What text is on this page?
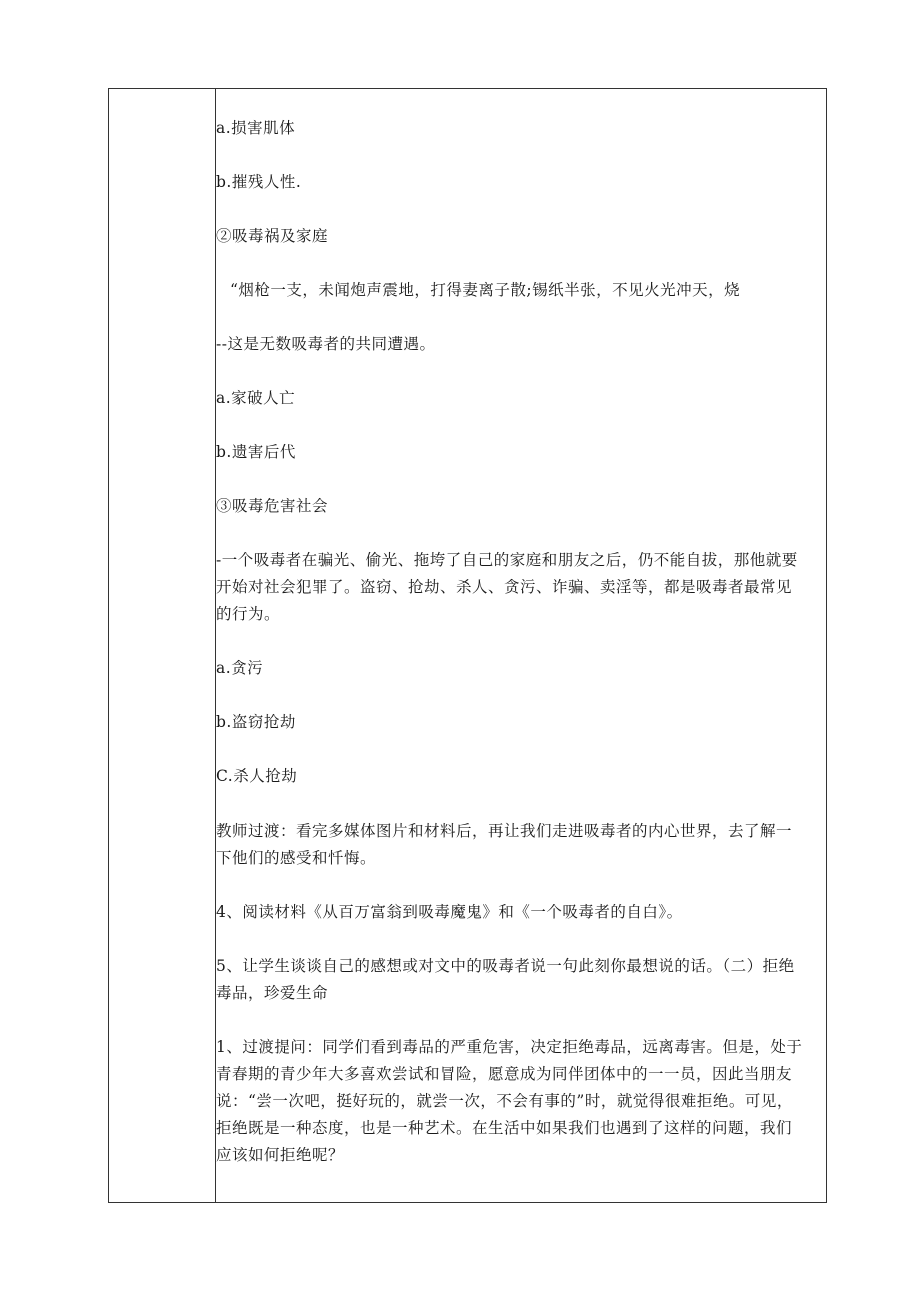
a.损害肌体

b.摧残人性.

②吸毒祸及家庭

“烟枪一支，未闻炮声震地，打得妻离子散;锡纸半张，不见火光冲天，烧

--这是无数吸毒者的共同遭遇。

a.家破人亡

b.遗害后代

③吸毒危害社会

-一个吸毒者在骗光、偷光、拖垮了自己的家庭和朋友之后，仍不能自拔，那他就要开始对社会犯罪了。盗窃、抢劫、杀人、贪污、诈骗、卖淫等，都是吸毒者最常见的行为。

a.贪污

b.盗窃抢劫

C.杀人抢劫

教师过渡：看完多媒体图片和材料后，再让我们走进吸毒者的内心世界，去了解一下他们的感受和忏悔。

4、阅读材料《从百万富翁到吸毒魔鬼》和《一个吸毒者的自白》。

5、让学生谈谈自己的感想或对文中的吸毒者说一句此刻你最想说的话。（二）拒绝毒品，珍爱生命

1、过渡提问：同学们看到毒品的严重危害，决定拒绝毒品，远离毒害。但是，处于青春期的青少年大多喜欢尝试和冒险，愿意成为同伴团体中的一一员，因此当朋友说：“尝一次吧，挺好玩的，就尝一次，不会有事的”时，就觉得很难拒绝。可见，拒绝既是一种态度，也是一种艺术。在生活中如果我们也遇到了这样的问题，我们应该如何拒绝呢？
